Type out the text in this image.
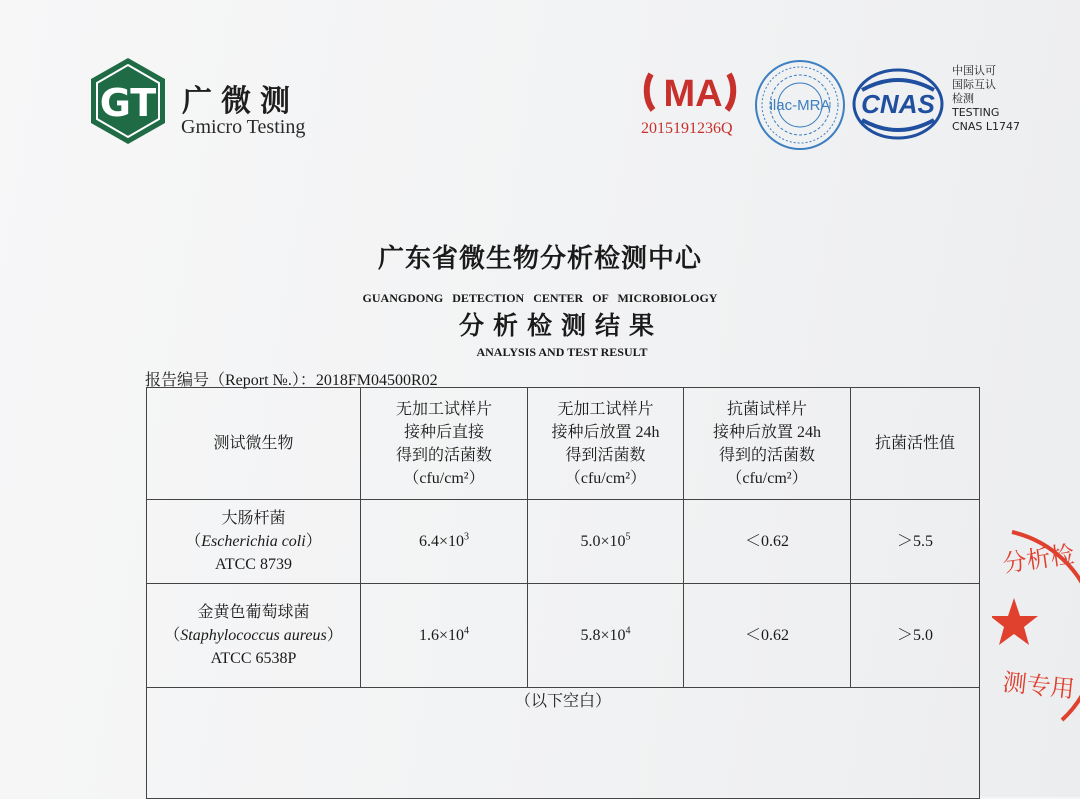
GT 广微测
Gmicro Testing
MA
2015191236Q
ilac-MRA CNAS
中国认可
国际互认
检测
TESTING
CNAS L1747
广东省微生物分析检测中心
GUANGDONG DETECTION CENTER OF MICROBIOLOGY
分析检测结果
ANALYSIS AND TEST RESULT
报告编号（Report №.）：2018FM04500R02
测试微生物	无加工试样片
接种后直接
得到的活菌数
（cfu/cm²）	无加工试样片
接种后放置 24h
得到活菌数
（cfu/cm²）	抗菌试样片
接种后放置 24h
得到的活菌数
（cfu/cm²）	抗菌活性值

大肠杆菌
（Escherichia coli）
ATCC 8739	$6.4\times 10^3$	$5.0\times 10^5$	＜0.62	＞5.5

金黄色葡萄球菌
（Staphylococcus aureus）
ATCC 6538P	$1.6\times 10^4$	$5.8\times 10^4$	＜0.62	＞5.0

（以下空白）				
分析检
测专用
